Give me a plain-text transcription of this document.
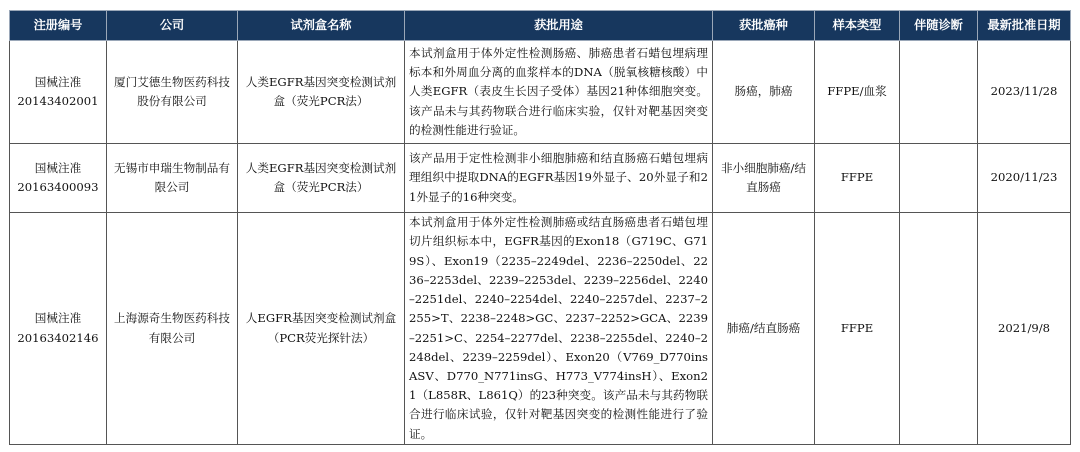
注册编号	公司	试剂盒名称	获批用途	获批癌种	样本类型	伴随诊断	最新批准日期
国械注准 20143402001	厦门艾德生物医药科技股份有限公司	人类EGFR基因突变检测试剂盒（荧光PCR法）	本试剂盒用于体外定性检测肠癌、肺癌患者石蜡包埋病理标本和外周血分离的血浆样本的DNA（脱氧核糖核酸）中人类EGFR（表皮生长因子受体）基因21种体细胞突变。该产品未与其药物联合进行临床实验，仅针对靶基因突变的检测性能进行验证。	肠癌，肺癌	FFPE/血浆		2023/11/28
国械注准 20163400093	无锡市申瑞生物制品有限公司	人类EGFR基因突变检测试剂盒（荧光PCR法）	该产品用于定性检测非小细胞肺癌和结直肠癌石蜡包埋病理组织中提取DNA的EGFR基因19外显子、20外显子和21外显子的16种突变。	非小细胞肺癌/结直肠癌	FFPE		2020/11/23
国械注准 20163402146	上海源奇生物医药科技有限公司	人EGFR基因突变检测试剂盒（PCR荧光探针法）	本试剂盒用于体外定性检测肺癌或结直肠癌患者石蜡包埋切片组织标本中，EGFR基因的Exon18（G719C、G719S）、Exon19（2235–2249del、2236–2250del、2236–2253del、2239–2253del、2239–2256del、2240–2251del、2240–2254del、2240–2257del、2237–2255>T、2238–2248>GC、2237–2252>GCA、2239–2251>C、2254–2277del、2238–2255del、2240–2248del、2239–2259del）、Exon20（V769_D770insASV、D770_N771insG、H773_V774insH）、Exon21（L858R、L861Q）的23种突变。该产品未与其药物联合进行临床试验，仅针对靶基因突变的检测性能进行了验证。	肺癌/结直肠癌	FFPE		2021/9/8
